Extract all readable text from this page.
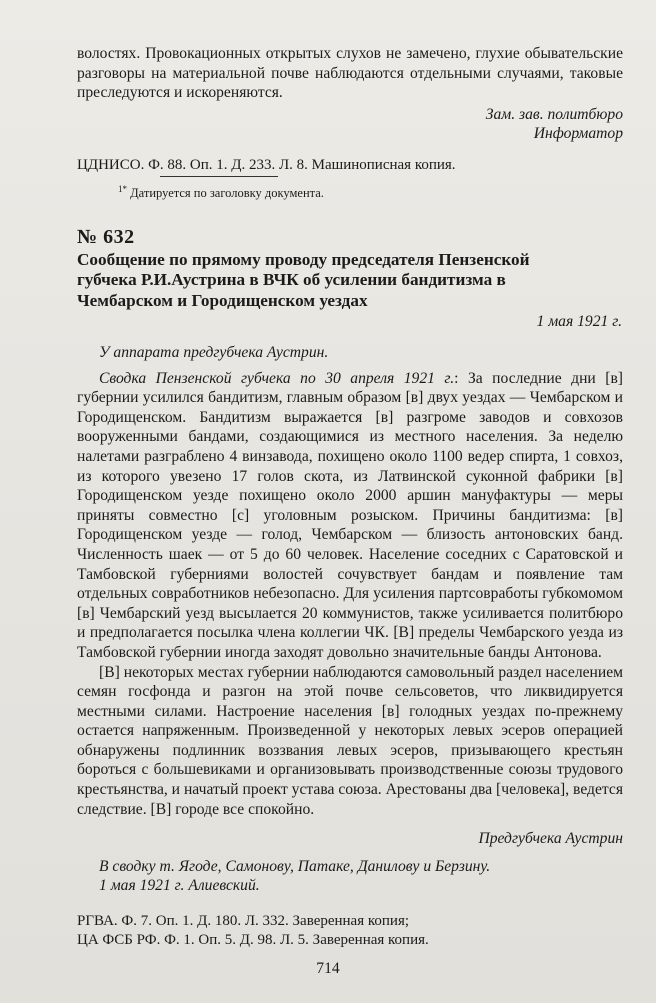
волостях. Провокационных открытых слухов не замечено, глухие обывательские разговоры на материальной почве наблюдаются отдельными случаями, таковые преследуются и искореняются.

Зам. зав. политбюро

Информатор

ЦДНИСО. Ф. 88. Оп. 1. Д. 233. Л. 8. Машинописная копия.

$^{1*}$ Датируется по заголовку документа.
№ 632

Сообщение по прямому проводу председателя Пензенской губчека Р.И.Аустрина в ВЧК об усилении бандитизма в Чембарском и Городищенском уездах

1 мая 1921 г.

У аппарата предгубчека Аустрин.

Сводка Пензенской губчека по 30 апреля 1921 г.: За последние дни [в] губернии усилился бандитизм, главным образом [в] двух уездах — Чембарском и Городищенском. Бандитизм выражается [в] разгроме заводов и совхозов вооруженными бандами, создающимися из местного населения. За неделю налетами разграблено 4 винзавода, похищено около 1100 ведер спирта, 1 совхоз, из которого увезено 17 голов скота, из Латвинской суконной фабрики [в] Городищенском уезде похищено около 2000 аршин мануфактуры — меры приняты совместно [с] уголовным розыском. Причины бандитизма: [в] Городищенском уезде — голод, Чембарском — близость антоновских банд. Численность шаек — от 5 до 60 человек. Население соседних с Саратовской и Тамбовской губерниями волостей сочувствует бандам и появление там отдельных совработников небезопасно. Для усиления партсовработы губкомомом [в] Чембарский уезд высылается 20 коммунистов, также усиливается политбюро и предполагается посылка члена коллегии ЧК. [В] пределы Чембарского уезда из Тамбовской губернии иногда заходят довольно значительные банды Антонова.

[В] некоторых местах губернии наблюдаются самовольный раздел населением семян госфонда и разгон на этой почве сельсоветов, что ликвидируется местными силами. Настроение населения [в] голодных уездах по-прежнему остается напряженным. Произведенной у некоторых левых эсеров операцией обнаружены подлинник воззвания левых эсеров, призывающего крестьян бороться с большевиками и организовывать производственные союзы трудового крестьянства, и начатый проект устава союза. Арестованы два [человека], ведется следствие. [В] городе все спокойно.

Предгубчека Аустрин

В сводку т. Ягоде, Самонову, Патаке, Данилову и Берзину.

1 мая 1921 г. Алиевский.

РГВА. Ф. 7. Оп. 1. Д. 180. Л. 332. Заверенная копия;

ЦА ФСБ РФ. Ф. 1. Оп. 5. Д. 98. Л. 5. Заверенная копия.

714
